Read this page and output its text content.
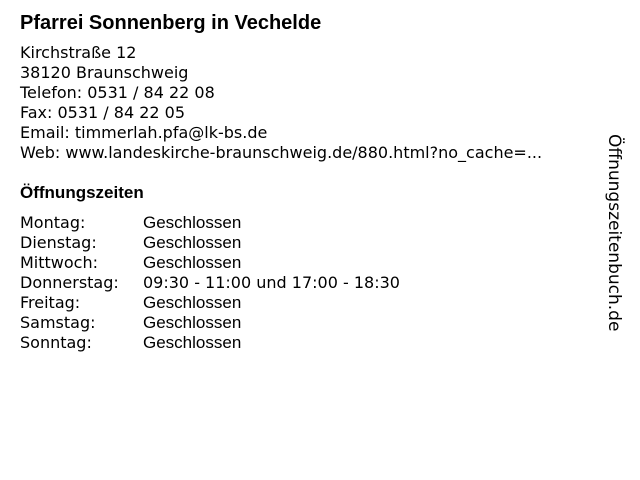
Pfarrei Sonnenberg in Vechelde
Kirchstraße 12
38120 Braunschweig
Telefon: 0531 / 84 22 08
Fax: 0531 / 84 22 05
Email: timmerlah.pfa@lk-bs.de
Web: www.landeskirche-braunschweig.de/880.html?no_cache=...
Öffnungszeiten
Montag:	Geschlossen
Dienstag:	Geschlossen
Mittwoch:	Geschlossen
Donnerstag: 09:30 - 11:00 und 17:00 - 18:30
Freitag:	Geschlossen
Samstag:	Geschlossen
Sonntag:	Geschlossen
Öffnungszeitenbuch.de
